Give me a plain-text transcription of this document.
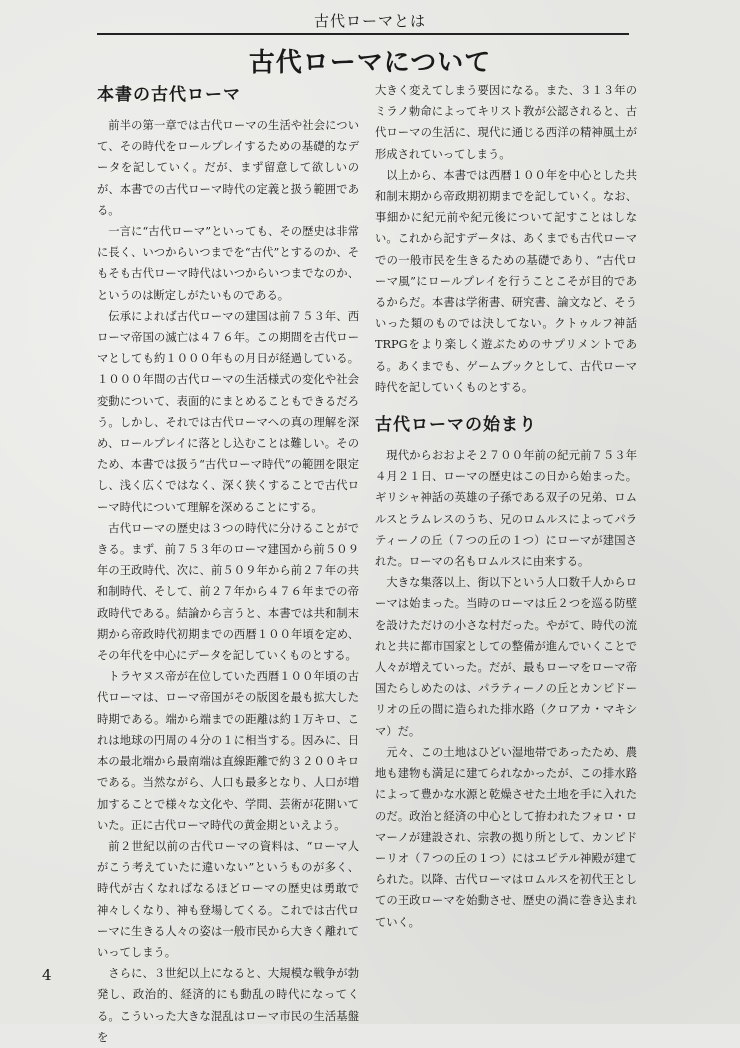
古代ローマとは
古代ローマについて
本書の古代ローマ

前半の第一章では古代ローマの生活や社会について、その時代をロールプレイするための基礎的なデータを記していく。だが、まず留意して欲しいのが、本書での古代ローマ時代の定義と扱う範囲である。

一言に“古代ローマ”といっても、その歴史は非常に長く、いつからいつまでを“古代”とするのか、そもそも古代ローマ時代はいつからいつまでなのか、というのは断定しがたいものである。

伝承によれば古代ローマの建国は前７５３年、西ローマ帝国の滅亡は４７６年。この期間を古代ローマとしても約１０００年もの月日が経過している。１０００年間の古代ローマの生活様式の変化や社会変動について、表面的にまとめることもできるだろう。しかし、それでは古代ローマへの真の理解を深め、ロールプレイに落とし込むことは難しい。そのため、本書では扱う“古代ローマ時代”の範囲を限定し、浅く広くではなく、深く狭くすることで古代ローマ時代について理解を深めることにする。

古代ローマの歴史は３つの時代に分けることができる。まず、前７５３年のローマ建国から前５０９年の王政時代、次に、前５０９年から前２７年の共和制時代、そして、前２７年から４７６年までの帝政時代である。結論から言うと、本書では共和制末期から帝政時代初期までの西暦１００年頃を定め、その年代を中心にデータを記していくものとする。

トラヤヌス帝が在位していた西暦１００年頃の古代ローマは、ローマ帝国がその版図を最も拡大した時期である。端から端までの距離は約１万キロ、これは地球の円周の４分の１に相当する。因みに、日本の最北端から最南端は直線距離で約３２００キロである。当然ながら、人口も最多となり、人口が増加することで様々な文化や、学問、芸術が花開いていた。正に古代ローマ時代の黄金期といえよう。

前２世紀以前の古代ローマの資料は、“ローマ人がこう考えていたに違いない”というものが多く、時代が古くなればなるほどローマの歴史は勇敢で神々しくなり、神も登場してくる。これでは古代ローマに生きる人々の姿は一般市民から大きく離れていってしまう。

さらに、３世紀以上になると、大規模な戦争が勃発し、政治的、経済的にも動乱の時代になってくる。こういった大きな混乱はローマ市民の生活基盤を

大きく変えてしまう要因になる。また、３１３年のミラノ勅命によってキリスト教が公認されると、古代ローマの生活に、現代に通じる西洋の精神風土が形成されていってしまう。

以上から、本書では西暦１００年を中心とした共和制末期から帝政期初期までを記していく。なお、事細かに紀元前や紀元後について記すことはしない。これから記すデータは、あくまでも古代ローマでの一般市民を生きるための基礎であり、“古代ローマ風”にロールプレイを行うことこそが目的であるからだ。本書は学術書、研究書、論文など、そういった類のものでは決してない。クトゥルフ神話TRPGをより楽しく遊ぶためのサプリメントである。あくまでも、ゲームブックとして、古代ローマ時代を記していくものとする。

古代ローマの始まり

現代からおおよそ２７００年前の紀元前７５３年４月２１日、ローマの歴史はこの日から始まった。ギリシャ神話の英雄の子孫である双子の兄弟、ロムルスとラムレスのうち、兄のロムルスによってパラティーノの丘（７つの丘の１つ）にローマが建国された。ローマの名もロムルスに由来する。

大きな集落以上、街以下という人口数千人からローマは始まった。当時のローマは丘２つを巡る防壁を設けただけの小さな村だった。やがて、時代の流れと共に都市国家としての整備が進んでいくことで人々が増えていった。だが、最もローマをローマ帝国たらしめたのは、パラティーノの丘とカンピドーリオの丘の間に造られた排水路（クロアカ・マキシマ）だ。

元々、この土地はひどい湿地帯であったため、農地も建物も満足に建てられなかったが、この排水路によって豊かな水源と乾燥させた土地を手に入れたのだ。政治と経済の中心として拵われたフォロ・ロマーノが建設され、宗教の拠り所として、カンピドーリオ（７つの丘の１つ）にはユピテル神殿が建てられた。以降、古代ローマはロムルスを初代王としての王政ローマを始動させ、歴史の渦に巻き込まれていく。

4
